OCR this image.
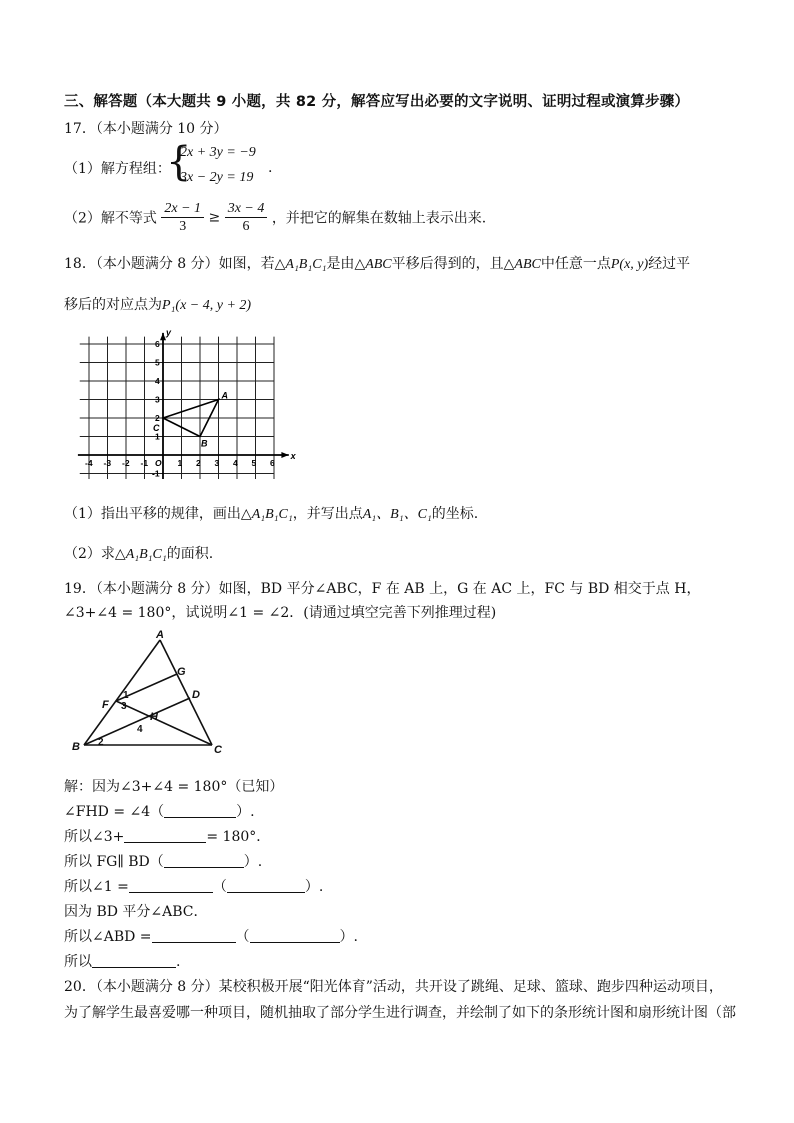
三、解答题（本大题共 9 小题，共 82 分，解答应写出必要的文字说明、证明过程或演算步骤）
17．（本小题满分 10 分）
（1）解方程组：
{
2x + 3y = −9
3x − 2y = 19
.
（2）解不等式 $\frac{2x - 1}{3} \ge \frac{3x - 4}{6}$ ，并把它的解集在数轴上表示出来.
18．（本小题满分 8 分）如图，若△A₁B₁C₁是由△ABC平移后得到的，且△ABC中任意一点P(x, y)经过平
移后的对应点为P₁(x − 4, y + 2)
x
y
-4 -3 -2 -1 O 1 2 3 4 5 6
6
5
4
3
2
1
-1
A
B
C
（1）指出平移的规律，画出△A₁B₁C₁，并写出点A₁、B₁、C₁的坐标.
（2）求△A₁B₁C₁的面积.
19．（本小题满分 8 分）如图，BD 平分∠ABC，F 在 AB 上，G 在 AC 上，FC 与 BD 相交于点 H，
∠3+∠4 = 180°，试说明∠1 = ∠2．(请通过填空完善下列推理过程)
A
B	C
D
F
G
H
1
2
3
4
解：因为∠3+∠4 = 180°（已知）
∠FHD = ∠4（	）.
所以∠3+	= 180°．
所以 FG∥ BD（	）.
所以∠1 =	（	）.
因为 BD 平分∠ABC．
所以∠ABD =	（	）.
所以	.
20．（本小题满分 8 分）某校积极开展“阳光体育”活动，共开设了跳绳、足球、篮球、跑步四种运动项目，
为了解学生最喜爱哪一种项目，随机抽取了部分学生进行调查，并绘制了如下的条形统计图和扇形统计图（部
